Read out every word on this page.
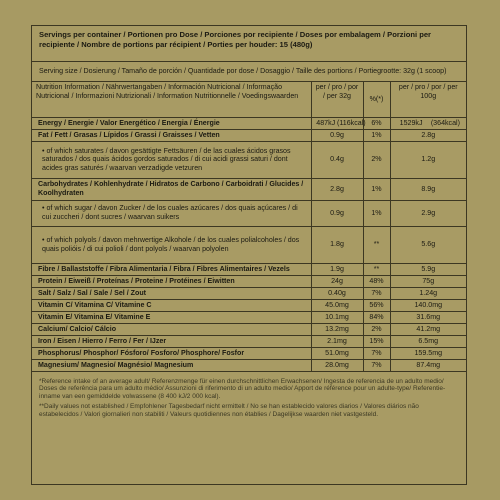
Servings per container / Portionen pro Dose / Porciones por recipiente / Doses por embalagem / Porzioni per recipiente / Nombre de portions par récipient / Porties per houder: 15 (480g)
Serving size / Dosierung / Tamaño de porción / Quantidade por dose / Dosaggio / Taille des portions / Portiegrootte: 32g (1 scoop)
Nutrition Information / Nährwertangaben / Información Nutricional / Informação Nutricional / Informazioni Nutrizionali / Information Nutritionnelle / Voedingswaarden	per / pro / por / per 32g	%(*)	per / pro / por / per 100g
Energy / Energie / Valor Energético / Energia / Énergie	487kJ (116kcal)	6%	1529kJ (364kcal)
Fat / Fett / Grasas / Lípidos / Grassi / Graisses / Vetten	0.9g	1%	2.8g
• of which saturates / davon gesättigte Fettsäuren / de las cuales ácidos grasos saturados / dos quais ácidos gordos saturados / di cui acidi grassi saturi / dont acides gras saturés / waarvan verzadigde vetzuren	0.4g	2%	1.2g
Carbohydrates / Kohlenhydrate / Hidratos de Carbono / Carboidrati / Glucides / Koolhydraten	2.8g	1%	8.9g
• of which sugar / davon Zucker / de los cuales azúcares / dos quais açúcares / di cui zuccheri / dont sucres / waarvan suikers	0.9g	1%	2.9g
• of which polyols / davon mehrwertige Alkohole / de los cuales polialcoholes / dos quais polióis / di cui polioli / dont polyols / waarvan polyolen	1.8g	**	5.6g
Fibre / Ballaststoffe / Fibra Alimentaria / Fibra / Fibres Alimentaires / Vezels	1.9g	**	5.9g
Protein / Eiweiß / Proteínas / Proteine / Protéines / Eiwitten	24g	48%	75g
Salt / Salz / Sal / Sale / Sel / Zout	0.40g	7%	1.24g
Vitamin C/ Vitamina C/ Vitamine C	45.0mg	56%	140.0mg
Vitamin E/ Vitamina E/ Vitamine E	10.1mg	84%	31.6mg
Calcium/ Calcio/ Cálcio	13.2mg	2%	41.2mg
Iron / Eisen / Hierro / Ferro / Fer / IJzer	2.1mg	15%	6.5mg
Phosphorus/ Phosphor/ Fósforo/ Fosforo/ Phosphore/ Fosfor	51.0mg	7%	159.5mg
Magnesium/ Magnesio/ Magnésio/ Magnesium	28.0mg	7%	87.4mg

*Reference intake of an average adult/ Referenzmenge für einen durchschnittlichen Erwachsenen/ Ingesta de referencia de un adulto medio/ Doses de referência para um adulto médio/ Assunzioni di riferimento di un adulto medio/ Apport de référence pour un adulte-type/ Referentie-inname van een gemiddelde volwassene (8 400 kJ/2 000 kcal).

**Daily values not established / Empfohlener Tagesbedarf nicht ermittelt / No se han establecido valores diarios / Valores diários não estabelecidos / Valori giornalieri non stabiliti / Valeurs quotidiennes non établies / Dagelijkse waarden niet vastgesteld.
